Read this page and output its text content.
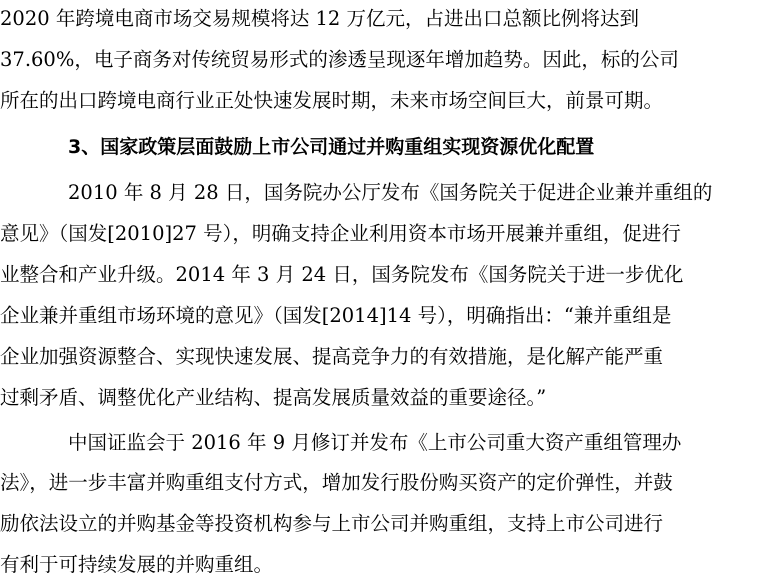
2020 年跨境电商市场交易规模将达 12 万亿元，占进出口总额比例将达到
37.60%，电子商务对传统贸易形式的渗透呈现逐年增加趋势。因此，标的公司
所在的出口跨境电商行业正处快速发展时期，未来市场空间巨大，前景可期。
3、国家政策层面鼓励上市公司通过并购重组实现资源优化配置
2010 年 8 月 28 日，国务院办公厅发布《国务院关于促进企业兼并重组的
意见》（国发[2010]27 号），明确支持企业利用资本市场开展兼并重组，促进行
业整合和产业升级。2014 年 3 月 24 日，国务院发布《国务院关于进一步优化
企业兼并重组市场环境的意见》（国发[2014]14 号），明确指出：“兼并重组是
企业加强资源整合、实现快速发展、提高竞争力的有效措施，是化解产能严重
过剩矛盾、调整优化产业结构、提高发展质量效益的重要途径。”
中国证监会于 2016 年 9 月修订并发布《上市公司重大资产重组管理办
法》，进一步丰富并购重组支付方式，增加发行股份购买资产的定价弹性，并鼓
励依法设立的并购基金等投资机构参与上市公司并购重组，支持上市公司进行
有利于可持续发展的并购重组。
